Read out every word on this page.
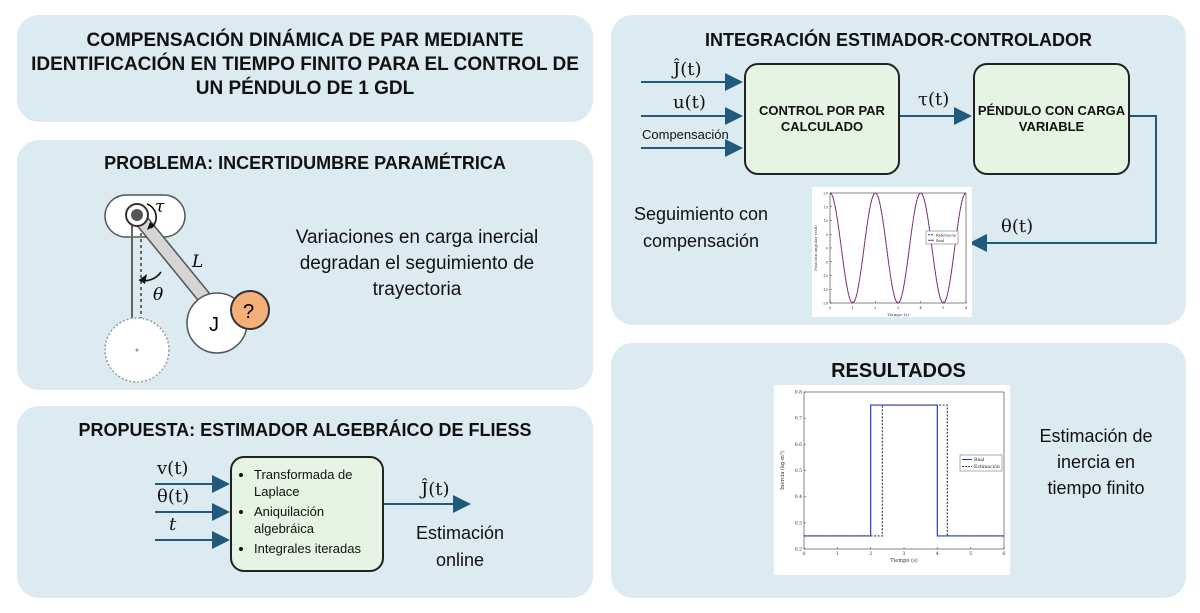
COMPENSACIÓN DINÁMICA DE PAR MEDIANTE IDENTIFICACIÓN EN TIEMPO FINITO PARA EL CONTROL DE UN PÉNDULO DE 1 GDL
PROBLEMA: INCERTIDUMBRE PARAMÉTRICA
τ
L
θ
J
?
Variaciones en carga inercial degradan el seguimiento de trayectoria
PROPUESTA: ESTIMADOR ALGEBRÁICO DE FLIESS
v(t)
θ(t)
t
• Transformada de Laplace
• Aniquilación algebráica
• Integrales iteradas
Ĵ(t)
Estimación online
INTEGRACIÓN ESTIMADOR-CONTROLADOR
Ĵ(t)
u(t)
Compensación
CONTROL POR PAR CALCULADO
τ(t)
PÉNDULO CON CARGA VARIABLE
θ(t)
Seguimiento con compensación
0	1	2	3	4	5	6
20
15
10
5
0
-5
-10
-15
-20
Tiempo (s)
Posición angular (rad)	Referencia
Real
RESULTADOS
0	1	2	3	4	5	6
0.8
0.7
0.6
0.5
0.4
0.3
0.2
Tiempo (s)
Inercia (kg·m²)	Real
Estimación
Estimación de inercia en tiempo finito
